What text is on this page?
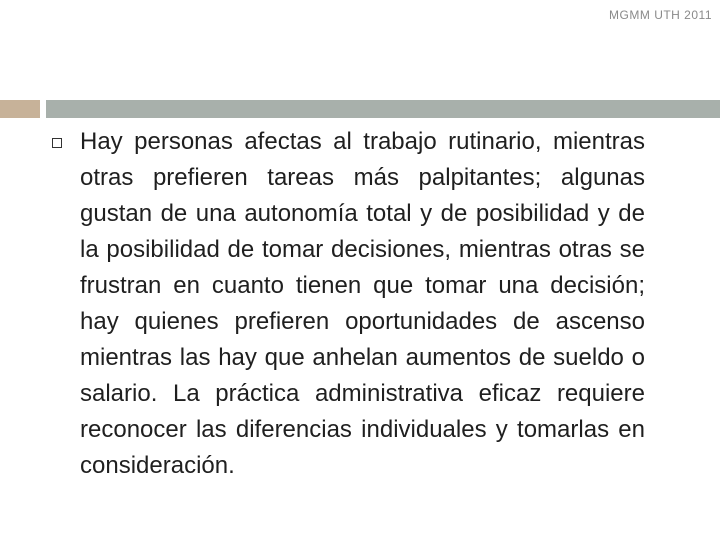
MGMM UTH 2011

Hay personas afectas al trabajo rutinario, mientras otras prefieren tareas más palpitantes; algunas gustan de una autonomía total y de posibilidad y de la posibilidad de tomar decisiones, mientras otras se frustran en cuanto tienen que tomar una decisión; hay quienes prefieren oportunidades de ascenso mientras las hay que anhelan aumentos de sueldo o salario. La práctica administrativa eficaz requiere reconocer las diferencias individuales y tomarlas en consideración.
